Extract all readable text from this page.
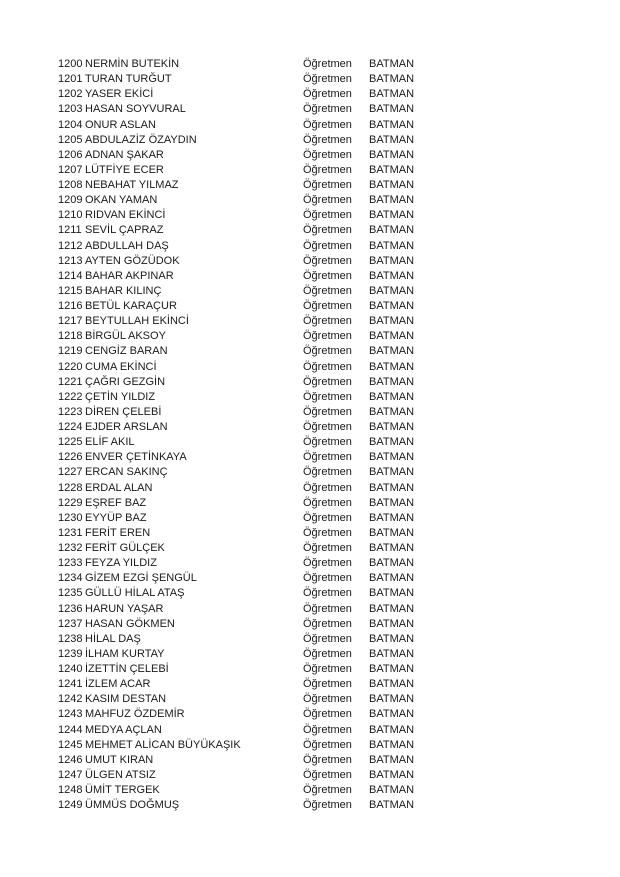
1200 NERMİN BUTEKİN	Öğretmen BATMAN
1201 TURAN TURĞUT	Öğretmen BATMAN
1202 YASER EKİCİ	Öğretmen BATMAN
1203 HASAN SOYVURAL	Öğretmen BATMAN
1204 ONUR ASLAN	Öğretmen BATMAN
1205 ABDULAZİZ ÖZAYDIN	Öğretmen BATMAN
1206 ADNAN ŞAKAR	Öğretmen BATMAN
1207 LÜTFİYE ECER	Öğretmen BATMAN
1208 NEBAHAT YILMAZ	Öğretmen BATMAN
1209 OKAN YAMAN	Öğretmen BATMAN
1210 RIDVAN EKİNCİ	Öğretmen BATMAN
1211 SEVİL ÇAPRAZ	Öğretmen BATMAN
1212 ABDULLAH DAŞ	Öğretmen BATMAN
1213 AYTEN GÖZÜDOK	Öğretmen BATMAN
1214 BAHAR AKPINAR	Öğretmen BATMAN
1215 BAHAR KILINÇ	Öğretmen BATMAN
1216 BETÜL KARAÇUR	Öğretmen BATMAN
1217 BEYTULLAH EKİNCİ	Öğretmen BATMAN
1218 BİRGÜL AKSOY	Öğretmen BATMAN
1219 CENGİZ BARAN	Öğretmen BATMAN
1220 CUMA EKİNCİ	Öğretmen BATMAN
1221 ÇAĞRI GEZGİN	Öğretmen BATMAN
1222 ÇETİN YILDIZ	Öğretmen BATMAN
1223 DİREN ÇELEBİ	Öğretmen BATMAN
1224 EJDER ARSLAN	Öğretmen BATMAN
1225 ELİF AKIL	Öğretmen BATMAN
1226 ENVER ÇETİNKAYA	Öğretmen BATMAN
1227 ERCAN SAKINÇ	Öğretmen BATMAN
1228 ERDAL ALAN	Öğretmen BATMAN
1229 EŞREF BAZ	Öğretmen BATMAN
1230 EYYÜP BAZ	Öğretmen BATMAN
1231 FERİT EREN	Öğretmen BATMAN
1232 FERİT GÜLÇEK	Öğretmen BATMAN
1233 FEYZA YILDIZ	Öğretmen BATMAN
1234 GİZEM EZGİ ŞENGÜL	Öğretmen BATMAN
1235 GÜLLÜ HİLAL ATAŞ	Öğretmen BATMAN
1236 HARUN YAŞAR	Öğretmen BATMAN
1237 HASAN GÖKMEN	Öğretmen BATMAN
1238 HİLAL DAŞ	Öğretmen BATMAN
1239 İLHAM KURTAY	Öğretmen BATMAN
1240 İZETTİN ÇELEBİ	Öğretmen BATMAN
1241 İZLEM ACAR	Öğretmen BATMAN
1242 KASIM DESTAN	Öğretmen BATMAN
1243 MAHFUZ ÖZDEMİR	Öğretmen BATMAN
1244 MEDYA AÇLAN	Öğretmen BATMAN
1245 MEHMET ALİCAN BÜYÜKAŞIK	Öğretmen BATMAN
1246 UMUT KIRAN	Öğretmen BATMAN
1247 ÜLGEN ATSIZ	Öğretmen BATMAN
1248 ÜMİT TERGEK	Öğretmen BATMAN
1249 ÜMMÜS DOĞMUŞ	Öğretmen BATMAN
